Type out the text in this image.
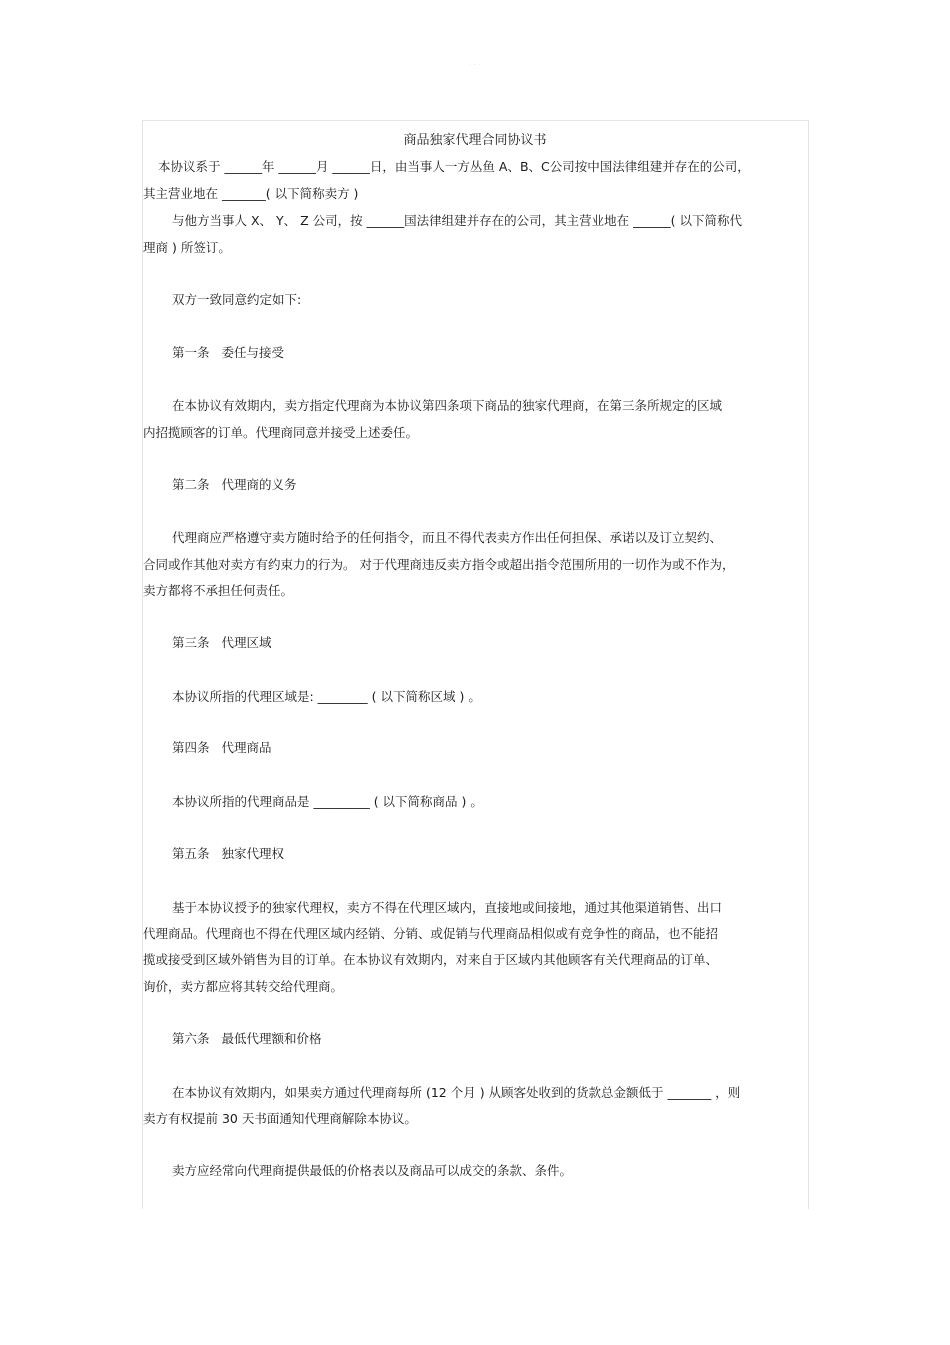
· · ·
商品独家代理合同协议书
本协议系于 ______年 ______月 ______日，由当事人一方丛鱼 A、B、C公司按中国法律组建并存在的公司，
其主营业地在 _______( 以下简称卖方 )
与他方当事人 X、 Y、 Z 公司，按 ______国法律组建并存在的公司，其主营业地在 ______( 以下简称代
理商 ) 所签订。
双方一致同意约定如下:
第一条 委任与接受
在本协议有效期内，卖方指定代理商为本协议第四条项下商品的独家代理商，在第三条所规定的区域
内招揽顾客的订单。代理商同意并接受上述委任。
第二条 代理商的义务
代理商应严格遵守卖方随时给予的任何指令，而且不得代表卖方作出任何担保、承诺以及订立契约、
合同或作其他对卖方有约束力的行为。 对于代理商违反卖方指令或超出指令范围所用的一切作为或不作为，
卖方都将不承担任何责任。
第三条 代理区域
本协议所指的代理区域是: ________ ( 以下简称区域 ) 。
第四条 代理商品
本协议所指的代理商品是 _________ ( 以下简称商品 ) 。
第五条 独家代理权
基于本协议授予的独家代理权，卖方不得在代理区域内，直接地或间接地，通过其他渠道销售、出口
代理商品。代理商也不得在代理区域内经销、分销、或促销与代理商品相似或有竞争性的商品，也不能招
揽或接受到区域外销售为目的订单。在本协议有效期内，对来自于区域内其他顾客有关代理商品的订单、
询价，卖方都应将其转交给代理商。
第六条 最低代理额和价格
在本协议有效期内，如果卖方通过代理商每所 (12 个月 ) 从顾客处收到的货款总金额低于 _______ ，则
卖方有权提前 30 天书面通知代理商解除本协议。
卖方应经常向代理商提供最低的价格表以及商品可以成交的条款、条件。
